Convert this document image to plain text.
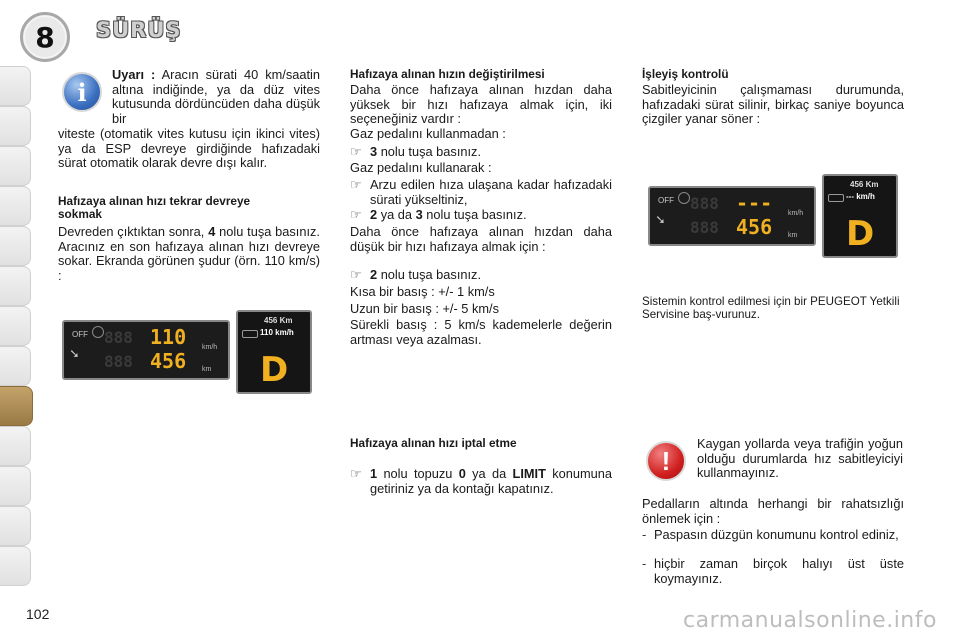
8 SÜRÜŞ
i

Uyarı : Aracın sürati 40 km/saatin altına indiğinde, ya da düz vites kutusunda dördüncüden daha düşük bir

viteste (otomatik vites kutusu için ikinci vites) ya da ESP devreye girdiğinde hafızadaki sürat otomatik olarak devre dışı kalır.

Hafızaya alınan hızı tekrar devreye sokmak

Devreden çıktıktan sonra, 4 nolu tuşa basınız. Aracınız en son hafızaya alınan hızı devreye sokar. Ekranda görünen şudur (örn. 110 km/s) :

OFF
➘
888 110 km/h
888 456 km
456 Km
110 km/h
D

Hafızaya alınan hızın değiştirilmesi

Daha önce hafızaya alınan hızdan daha yüksek bir hızı hafızaya almak için, iki seçeneğiniz vardır :

Gaz pedalını kullanmadan :

☞ 3 nolu tuşa basınız.

Gaz pedalını kullanarak :

☞ Arzu edilen hıza ulaşana kadar hafızadaki sürati yükseltiniz,
☞ 2 ya da 3 nolu tuşa basınız.

Daha önce hafızaya alınan hızdan daha düşük bir hızı hafızaya almak için :

☞ 2 nolu tuşa basınız.

Kısa bir basış : +/- 1 km/s

Uzun bir basış : +/- 5 km/s

Sürekli basış : 5 km/s kademelerle değerin artması veya azalması.

Hafızaya alınan hızı iptal etme

☞ 1 nolu topuzu 0 ya da LIMIT konumuna getiriniz ya da kontağı kapatınız.

İşleyiş kontrolü

Sabitleyicinin çalışmaması durumunda, hafızadaki sürat silinir, birkaç saniye boyunca çizgiler yanar söner :

OFF
➘
888 --- km/h
888 456 km
456 Km
--- km/h
D

Sistemin kontrol edilmesi için bir PEUGEOT Yetkili Servisine baş-vurunuz.

!

Kaygan yollarda veya trafiğin yoğun olduğu durumlarda hız sabitleyiciyi kullanmayınız.

Pedalların altında herhangi bir rahatsızlığı önlemek için :

- Paspasın düzgün konumunu kontrol ediniz,
- hiçbir zaman birçok halıyı üst üste koymayınız.
102	carmanualsonline.info
